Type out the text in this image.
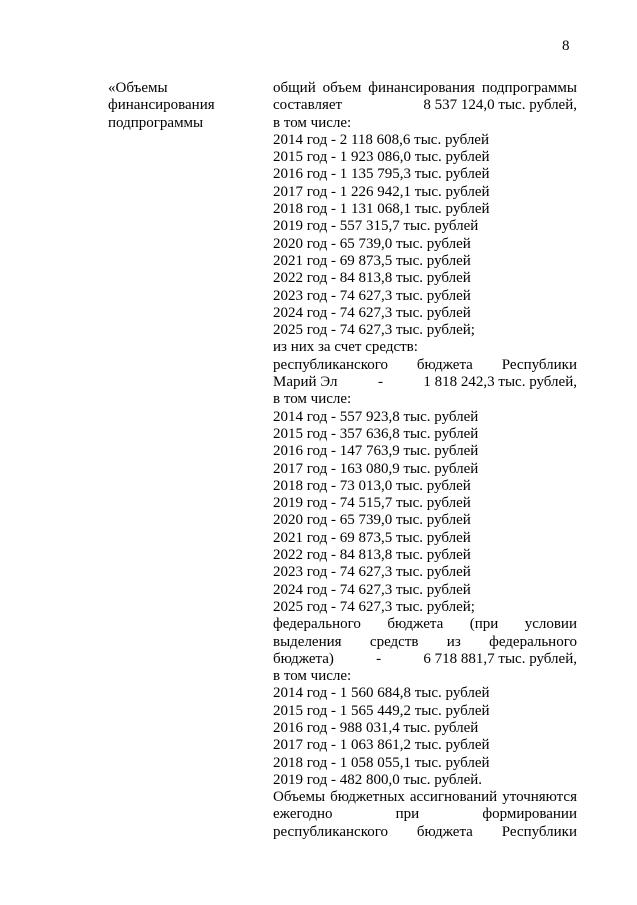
8
«Объемы
финансирования
подпрограммы
общий объем финансирования подпрограммы
составляет	8 537 124,0 тыс. рублей,
в том числе:
2014 год - 2 118 608,6 тыс. рублей
2015 год - 1 923 086,0 тыс. рублей
2016 год - 1 135 795,3 тыс. рублей
2017 год - 1 226 942,1 тыс. рублей
2018 год - 1 131 068,1 тыс. рублей
2019 год - 557 315,7 тыс. рублей
2020 год - 65 739,0 тыс. рублей
2021 год - 69 873,5 тыс. рублей
2022 год - 84 813,8 тыс. рублей
2023 год - 74 627,3 тыс. рублей
2024 год - 74 627,3 тыс. рублей
2025 год - 74 627,3 тыс. рублей;
из них за счет средств:
республиканского бюджета Республики
Марий Эл	-	1 818 242,3 тыс. рублей,
в том числе:
2014 год - 557 923,8 тыс. рублей
2015 год - 357 636,8 тыс. рублей
2016 год - 147 763,9 тыс. рублей
2017 год - 163 080,9 тыс. рублей
2018 год - 73 013,0 тыс. рублей
2019 год - 74 515,7 тыс. рублей
2020 год - 65 739,0 тыс. рублей
2021 год - 69 873,5 тыс. рублей
2022 год - 84 813,8 тыс. рублей
2023 год - 74 627,3 тыс. рублей
2024 год - 74 627,3 тыс. рублей
2025 год - 74 627,3 тыс. рублей;
федерального бюджета (при условии
выделения средств из федерального
бюджета)	-	6 718 881,7 тыс. рублей,
в том числе:
2014 год - 1 560 684,8 тыс. рублей
2015 год - 1 565 449,2 тыс. рублей
2016 год - 988 031,4 тыс. рублей
2017 год - 1 063 861,2 тыс. рублей
2018 год - 1 058 055,1 тыс. рублей
2019 год - 482 800,0 тыс. рублей.
Объемы бюджетных ассигнований уточняются
ежегодно	при	формировании
республиканского бюджета Республики
